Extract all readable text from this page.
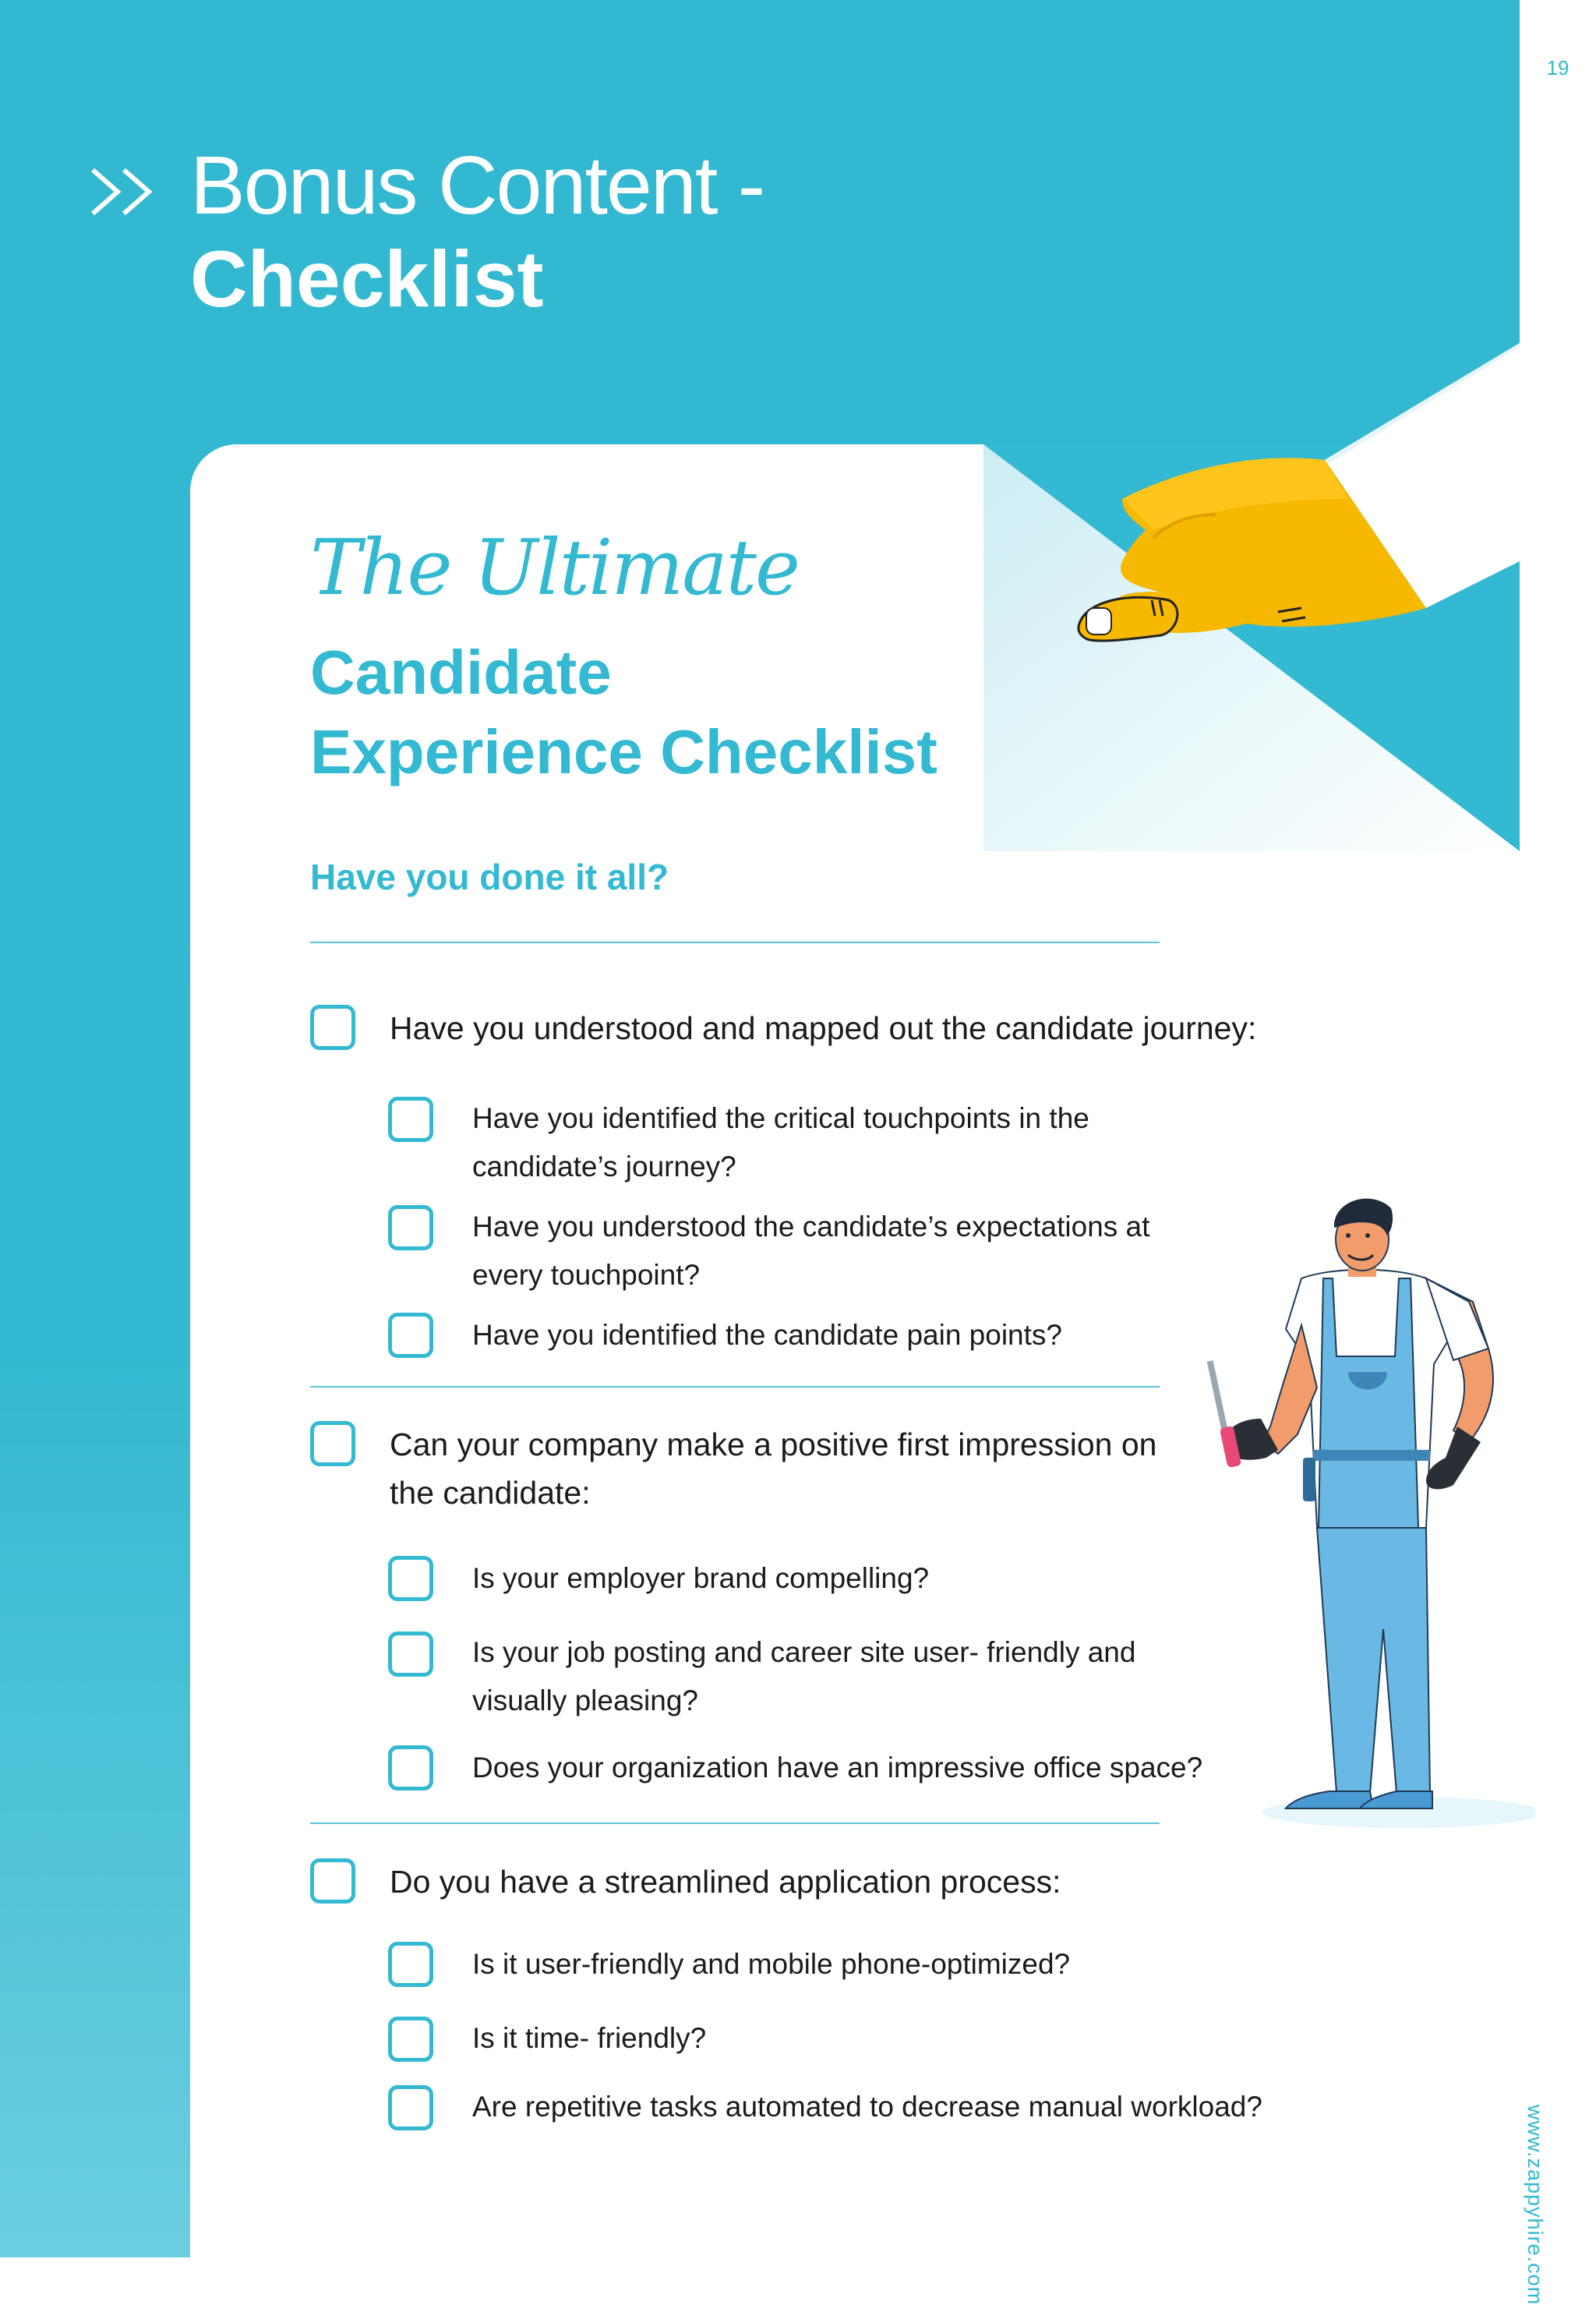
19
www.zappyhire.com
Bonus Content -
Checklist
The Ultimate
Candidate
Experience Checklist
Have you done it all?
Have you understood and mapped out the candidate journey:
Have you identified the critical touchpoints in the candidate’s journey?
Have you understood the candidate’s expectations at every touchpoint?
Have you identified the candidate pain points?
Can your company make a positive first impression on
the candidate:
Is your employer brand compelling?
Is your job posting and career site user- friendly and visually pleasing?
Does your organization have an impressive office space?
Do you have a streamlined application process:
Is it user-friendly and mobile phone-optimized?
Is it time- friendly?
Are repetitive tasks automated to decrease manual workload?
